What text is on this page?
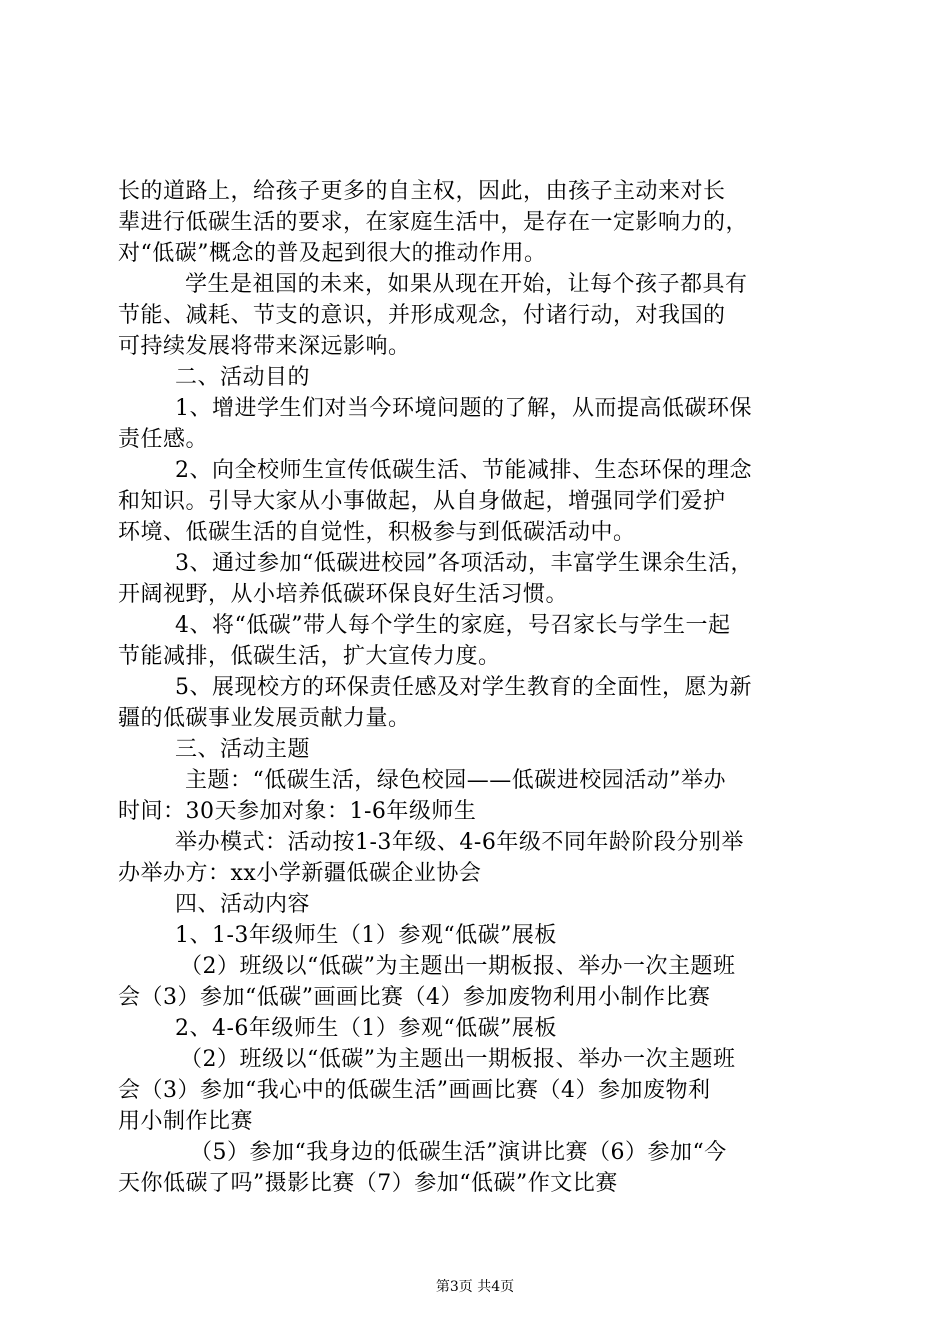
长的道路上，给孩子更多的自主权，因此，由孩子主动来对长
辈进行低碳生活的要求，在家庭生活中，是存在一定影响力的，
对“低碳”概念的普及起到很大的推动作用。
学生是祖国的未来，如果从现在开始，让每个孩子都具有
节能、减耗、节支的意识，并形成观念，付诸行动，对我国的
可持续发展将带来深远影响。
二、活动目的
1、增进学生们对当今环境问题的了解，从而提高低碳环保
责任感。
2、向全校师生宣传低碳生活、节能减排、生态环保的理念
和知识。引导大家从小事做起，从自身做起，增强同学们爱护
环境、低碳生活的自觉性，积极参与到低碳活动中。
3、通过参加“低碳进校园”各项活动，丰富学生课余生活，
开阔视野，从小培养低碳环保良好生活习惯。
4、将“低碳”带人每个学生的家庭，号召家长与学生一起
节能减排，低碳生活，扩大宣传力度。
5、展现校方的环保责任感及对学生教育的全面性，愿为新
疆的低碳事业发展贡献力量。
三、活动主题
主题：“低碳生活，绿色校园——低碳进校园活动”举办
时间：30天参加对象：1-6年级师生
举办模式：活动按1-3年级、4-6年级不同年龄阶段分别举
办举办方：xx小学新疆低碳企业协会
四、活动内容
1、1-3年级师生（1）参观“低碳”展板
（2）班级以“低碳”为主题出一期板报、举办一次主题班
会（3）参加“低碳”画画比赛（4）参加废物利用小制作比赛
2、4-6年级师生（1）参观“低碳”展板
（2）班级以“低碳”为主题出一期板报、举办一次主题班
会（3）参加“我心中的低碳生活”画画比赛（4）参加废物利
用小制作比赛
（5）参加“我身边的低碳生活”演讲比赛（6）参加“今
天你低碳了吗”摄影比赛（7）参加“低碳”作文比赛
第3页 共4页
